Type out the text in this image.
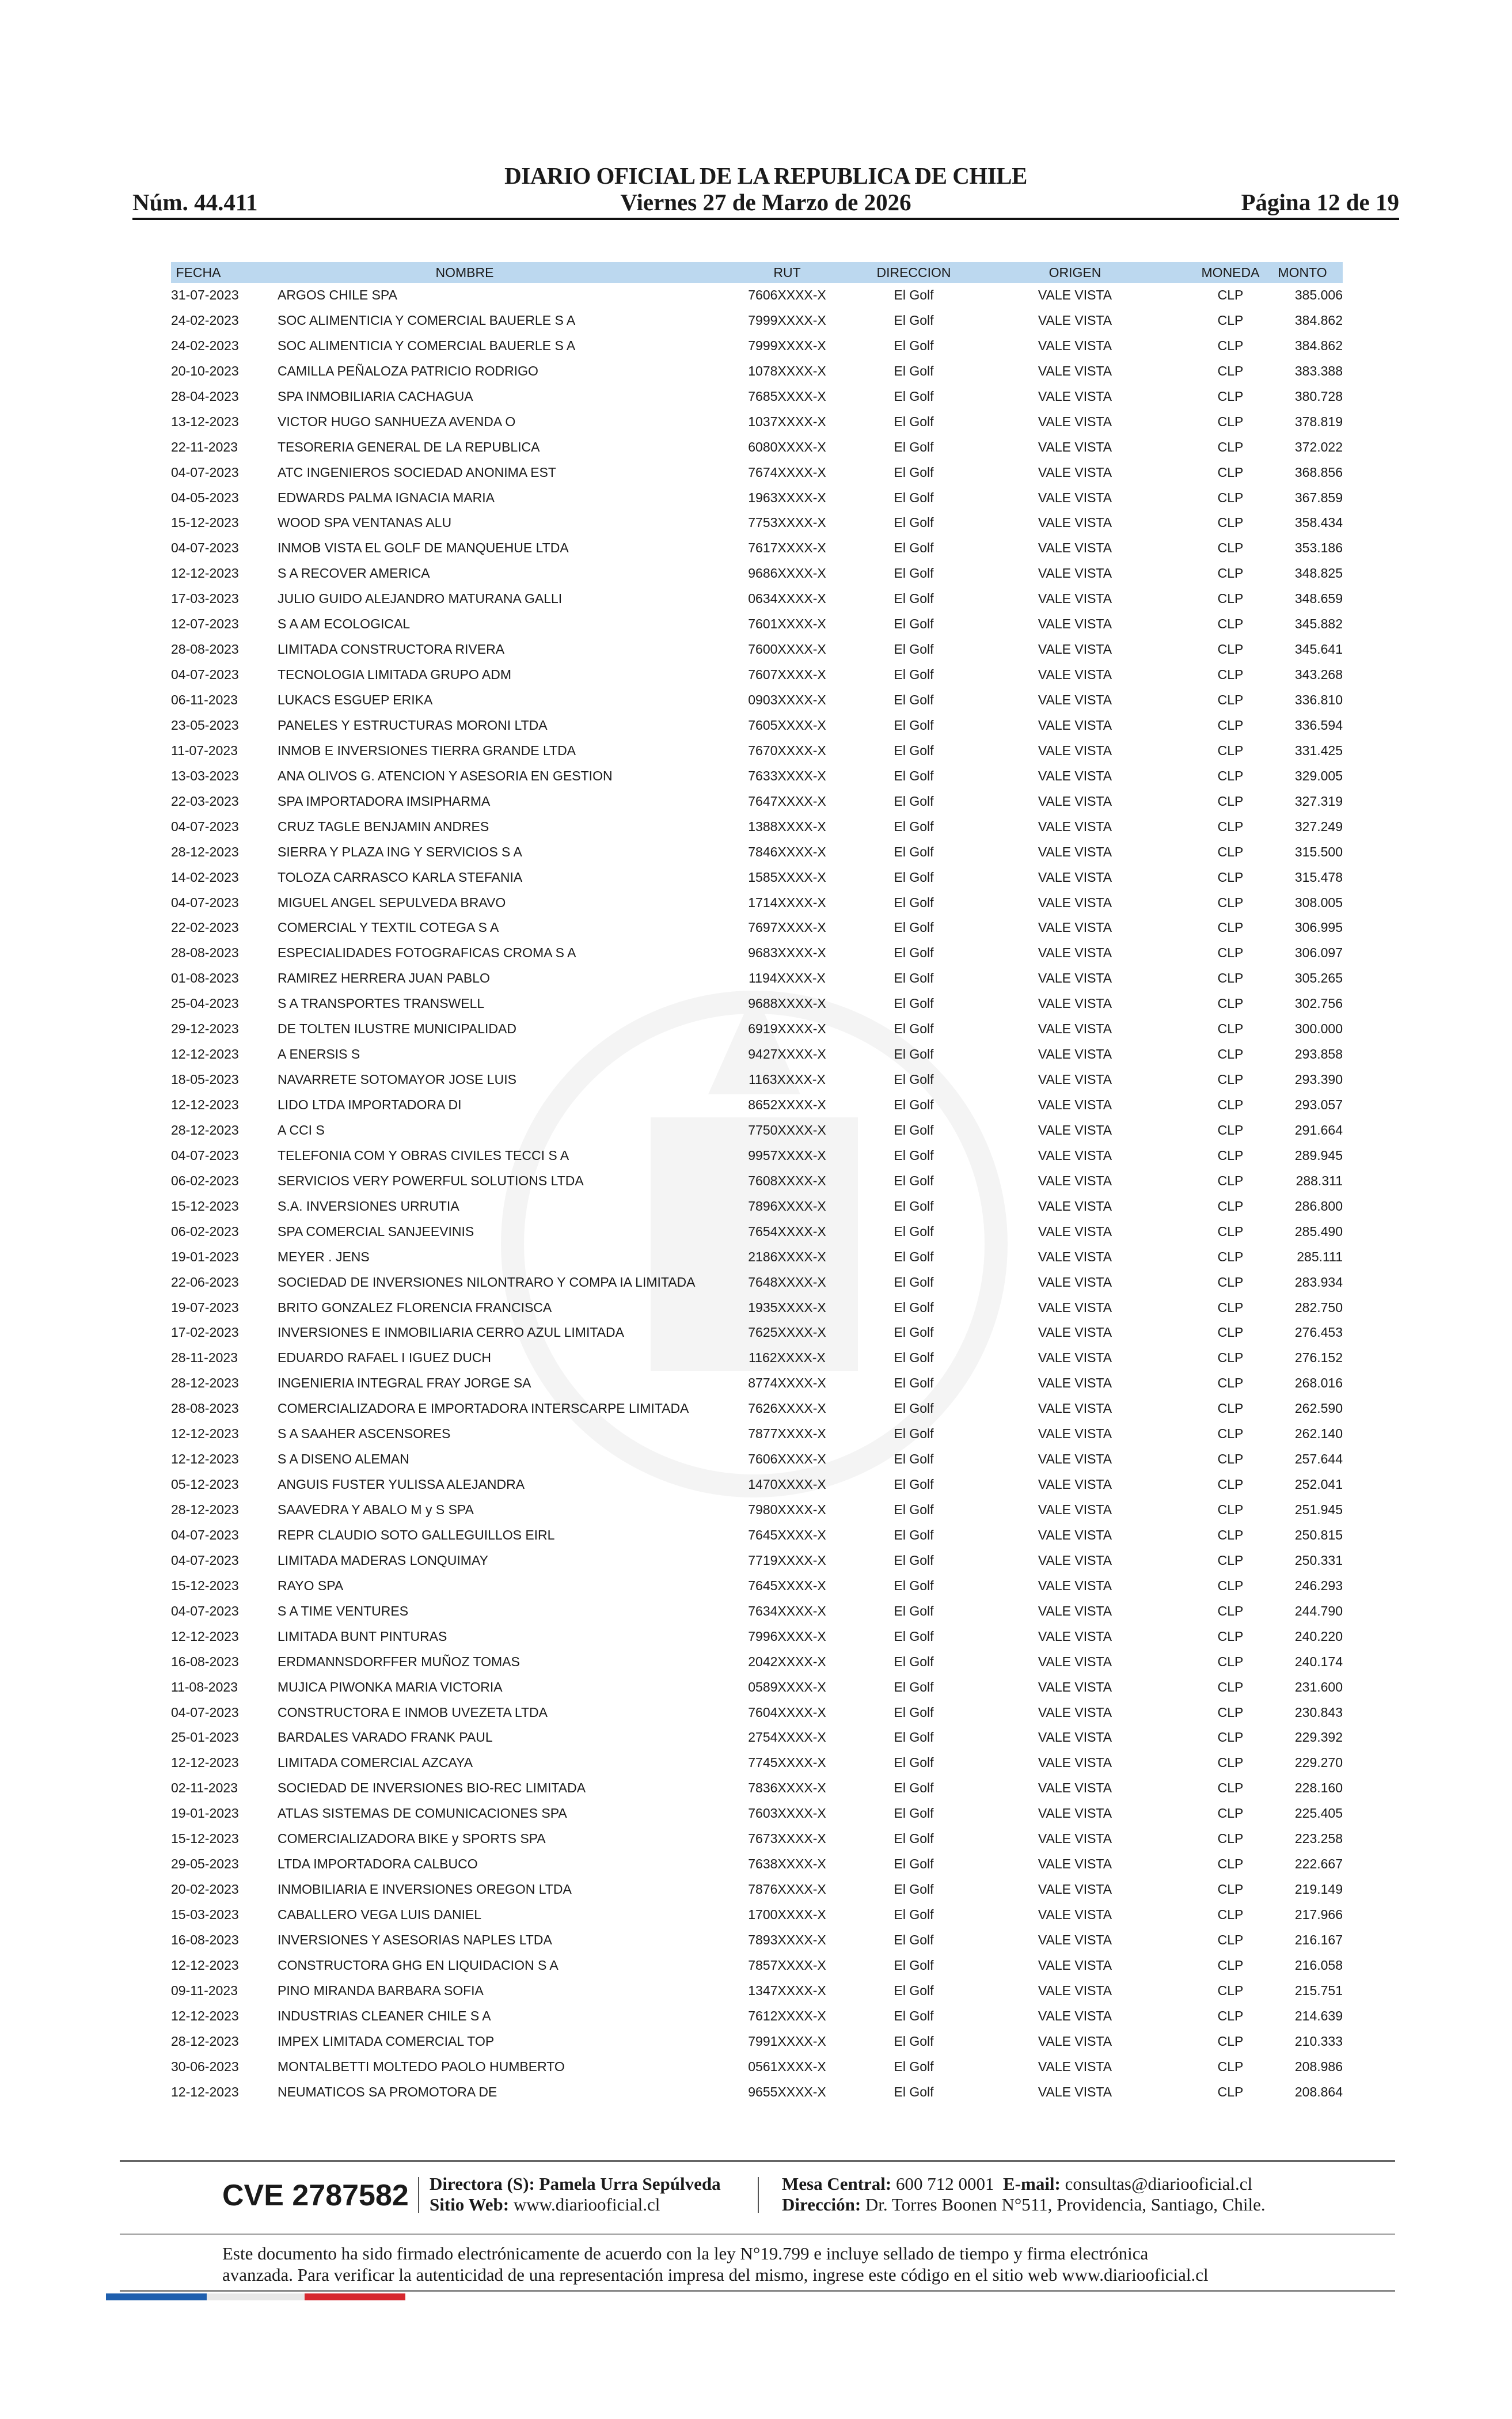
DIARIO OFICIAL DE LA REPUBLICA DE CHILE
Núm. 44.411	Viernes 27 de Marzo de 2026	Página 12 de 19
FECHA	NOMBRE	RUT	DIRECCION	ORIGEN	MONEDA	MONTO
31-07-2023	ARGOS CHILE SPA	7606XXXX-X	El Golf	VALE VISTA	CLP	385.006
24-02-2023	SOC ALIMENTICIA Y COMERCIAL BAUERLE S A	7999XXXX-X	El Golf	VALE VISTA	CLP	384.862
24-02-2023	SOC ALIMENTICIA Y COMERCIAL BAUERLE S A	7999XXXX-X	El Golf	VALE VISTA	CLP	384.862
20-10-2023	CAMILLA PEÑALOZA PATRICIO RODRIGO	1078XXXX-X	El Golf	VALE VISTA	CLP	383.388
28-04-2023	SPA INMOBILIARIA CACHAGUA	7685XXXX-X	El Golf	VALE VISTA	CLP	380.728
13-12-2023	VICTOR HUGO SANHUEZA AVENDA O	1037XXXX-X	El Golf	VALE VISTA	CLP	378.819
22-11-2023	TESORERIA GENERAL DE LA REPUBLICA	6080XXXX-X	El Golf	VALE VISTA	CLP	372.022
04-07-2023	ATC INGENIEROS SOCIEDAD ANONIMA EST	7674XXXX-X	El Golf	VALE VISTA	CLP	368.856
04-05-2023	EDWARDS PALMA IGNACIA MARIA	1963XXXX-X	El Golf	VALE VISTA	CLP	367.859
15-12-2023	WOOD SPA VENTANAS ALU	7753XXXX-X	El Golf	VALE VISTA	CLP	358.434
04-07-2023	INMOB VISTA EL GOLF DE MANQUEHUE LTDA	7617XXXX-X	El Golf	VALE VISTA	CLP	353.186
12-12-2023	S A RECOVER AMERICA	9686XXXX-X	El Golf	VALE VISTA	CLP	348.825
17-03-2023	JULIO GUIDO ALEJANDRO MATURANA GALLI	0634XXXX-X	El Golf	VALE VISTA	CLP	348.659
12-07-2023	S A AM ECOLOGICAL	7601XXXX-X	El Golf	VALE VISTA	CLP	345.882
28-08-2023	LIMITADA CONSTRUCTORA RIVERA	7600XXXX-X	El Golf	VALE VISTA	CLP	345.641
04-07-2023	TECNOLOGIA LIMITADA GRUPO ADM	7607XXXX-X	El Golf	VALE VISTA	CLP	343.268
06-11-2023	LUKACS ESGUEP ERIKA	0903XXXX-X	El Golf	VALE VISTA	CLP	336.810
23-05-2023	PANELES Y ESTRUCTURAS MORONI LTDA	7605XXXX-X	El Golf	VALE VISTA	CLP	336.594
11-07-2023	INMOB E INVERSIONES TIERRA GRANDE LTDA	7670XXXX-X	El Golf	VALE VISTA	CLP	331.425
13-03-2023	ANA OLIVOS G. ATENCION Y ASESORIA EN GESTION	7633XXXX-X	El Golf	VALE VISTA	CLP	329.005
22-03-2023	SPA IMPORTADORA IMSIPHARMA	7647XXXX-X	El Golf	VALE VISTA	CLP	327.319
04-07-2023	CRUZ TAGLE BENJAMIN ANDRES	1388XXXX-X	El Golf	VALE VISTA	CLP	327.249
28-12-2023	SIERRA Y PLAZA ING Y SERVICIOS S A	7846XXXX-X	El Golf	VALE VISTA	CLP	315.500
14-02-2023	TOLOZA CARRASCO KARLA STEFANIA	1585XXXX-X	El Golf	VALE VISTA	CLP	315.478
04-07-2023	MIGUEL ANGEL SEPULVEDA BRAVO	1714XXXX-X	El Golf	VALE VISTA	CLP	308.005
22-02-2023	COMERCIAL Y TEXTIL COTEGA S A	7697XXXX-X	El Golf	VALE VISTA	CLP	306.995
28-08-2023	ESPECIALIDADES FOTOGRAFICAS CROMA S A	9683XXXX-X	El Golf	VALE VISTA	CLP	306.097
01-08-2023	RAMIREZ HERRERA JUAN PABLO	1194XXXX-X	El Golf	VALE VISTA	CLP	305.265
25-04-2023	S A TRANSPORTES TRANSWELL	9688XXXX-X	El Golf	VALE VISTA	CLP	302.756
29-12-2023	DE TOLTEN ILUSTRE MUNICIPALIDAD	6919XXXX-X	El Golf	VALE VISTA	CLP	300.000
12-12-2023	A ENERSIS S	9427XXXX-X	El Golf	VALE VISTA	CLP	293.858
18-05-2023	NAVARRETE SOTOMAYOR JOSE LUIS	1163XXXX-X	El Golf	VALE VISTA	CLP	293.390
12-12-2023	LIDO LTDA IMPORTADORA DI	8652XXXX-X	El Golf	VALE VISTA	CLP	293.057
28-12-2023	A CCI S	7750XXXX-X	El Golf	VALE VISTA	CLP	291.664
04-07-2023	TELEFONIA COM Y OBRAS CIVILES TECCI S A	9957XXXX-X	El Golf	VALE VISTA	CLP	289.945
06-02-2023	SERVICIOS VERY POWERFUL SOLUTIONS LTDA	7608XXXX-X	El Golf	VALE VISTA	CLP	288.311
15-12-2023	S.A. INVERSIONES URRUTIA	7896XXXX-X	El Golf	VALE VISTA	CLP	286.800
06-02-2023	SPA COMERCIAL SANJEEVINIS	7654XXXX-X	El Golf	VALE VISTA	CLP	285.490
19-01-2023	MEYER . JENS	2186XXXX-X	El Golf	VALE VISTA	CLP	285.111
22-06-2023	SOCIEDAD DE INVERSIONES NILONTRARO Y COMPA IA LIMITADA	7648XXXX-X	El Golf	VALE VISTA	CLP	283.934
19-07-2023	BRITO GONZALEZ FLORENCIA FRANCISCA	1935XXXX-X	El Golf	VALE VISTA	CLP	282.750
17-02-2023	INVERSIONES E INMOBILIARIA CERRO AZUL LIMITADA	7625XXXX-X	El Golf	VALE VISTA	CLP	276.453
28-11-2023	EDUARDO RAFAEL I IGUEZ DUCH	1162XXXX-X	El Golf	VALE VISTA	CLP	276.152
28-12-2023	INGENIERIA INTEGRAL FRAY JORGE SA	8774XXXX-X	El Golf	VALE VISTA	CLP	268.016
28-08-2023	COMERCIALIZADORA E IMPORTADORA INTERSCARPE LIMITADA	7626XXXX-X	El Golf	VALE VISTA	CLP	262.590
12-12-2023	S A SAAHER ASCENSORES	7877XXXX-X	El Golf	VALE VISTA	CLP	262.140
12-12-2023	S A DISENO ALEMAN	7606XXXX-X	El Golf	VALE VISTA	CLP	257.644
05-12-2023	ANGUIS FUSTER YULISSA ALEJANDRA	1470XXXX-X	El Golf	VALE VISTA	CLP	252.041
28-12-2023	SAAVEDRA Y ABALO M y S SPA	7980XXXX-X	El Golf	VALE VISTA	CLP	251.945
04-07-2023	REPR CLAUDIO SOTO GALLEGUILLOS EIRL	7645XXXX-X	El Golf	VALE VISTA	CLP	250.815
04-07-2023	LIMITADA MADERAS LONQUIMAY	7719XXXX-X	El Golf	VALE VISTA	CLP	250.331
15-12-2023	RAYO SPA	7645XXXX-X	El Golf	VALE VISTA	CLP	246.293
04-07-2023	S A TIME VENTURES	7634XXXX-X	El Golf	VALE VISTA	CLP	244.790
12-12-2023	LIMITADA BUNT PINTURAS	7996XXXX-X	El Golf	VALE VISTA	CLP	240.220
16-08-2023	ERDMANNSDORFFER MUÑOZ TOMAS	2042XXXX-X	El Golf	VALE VISTA	CLP	240.174
11-08-2023	MUJICA PIWONKA MARIA VICTORIA	0589XXXX-X	El Golf	VALE VISTA	CLP	231.600
04-07-2023	CONSTRUCTORA E INMOB UVEZETA LTDA	7604XXXX-X	El Golf	VALE VISTA	CLP	230.843
25-01-2023	BARDALES VARADO FRANK PAUL	2754XXXX-X	El Golf	VALE VISTA	CLP	229.392
12-12-2023	LIMITADA COMERCIAL AZCAYA	7745XXXX-X	El Golf	VALE VISTA	CLP	229.270
02-11-2023	SOCIEDAD DE INVERSIONES BIO-REC LIMITADA	7836XXXX-X	El Golf	VALE VISTA	CLP	228.160
19-01-2023	ATLAS SISTEMAS DE COMUNICACIONES SPA	7603XXXX-X	El Golf	VALE VISTA	CLP	225.405
15-12-2023	COMERCIALIZADORA BIKE y SPORTS SPA	7673XXXX-X	El Golf	VALE VISTA	CLP	223.258
29-05-2023	LTDA IMPORTADORA CALBUCO	7638XXXX-X	El Golf	VALE VISTA	CLP	222.667
20-02-2023	INMOBILIARIA E INVERSIONES OREGON LTDA	7876XXXX-X	El Golf	VALE VISTA	CLP	219.149
15-03-2023	CABALLERO VEGA LUIS DANIEL	1700XXXX-X	El Golf	VALE VISTA	CLP	217.966
16-08-2023	INVERSIONES Y ASESORIAS NAPLES LTDA	7893XXXX-X	El Golf	VALE VISTA	CLP	216.167
12-12-2023	CONSTRUCTORA GHG EN LIQUIDACION S A	7857XXXX-X	El Golf	VALE VISTA	CLP	216.058
09-11-2023	PINO MIRANDA BARBARA SOFIA	1347XXXX-X	El Golf	VALE VISTA	CLP	215.751
12-12-2023	INDUSTRIAS CLEANER CHILE S A	7612XXXX-X	El Golf	VALE VISTA	CLP	214.639
28-12-2023	IMPEX LIMITADA COMERCIAL TOP	7991XXXX-X	El Golf	VALE VISTA	CLP	210.333
30-06-2023	MONTALBETTI MOLTEDO PAOLO HUMBERTO	0561XXXX-X	El Golf	VALE VISTA	CLP	208.986
12-12-2023	NEUMATICOS SA PROMOTORA DE	9655XXXX-X	El Golf	VALE VISTA	CLP	208.864
CVE 2787582 Directora (S): Pamela Urra Sepúlveda
Sitio Web: www.diariooficial.cl
Mesa Central: 600 712 0001 E-mail: consultas@diariooficial.cl
Dirección: Dr. Torres Boonen N°511, Providencia, Santiago, Chile.
Este documento ha sido firmado electrónicamente de acuerdo con la ley N°19.799 e incluye sellado de tiempo y firma electrónica
avanzada. Para verificar la autenticidad de una representación impresa del mismo, ingrese este código en el sitio web www.diariooficial.cl
